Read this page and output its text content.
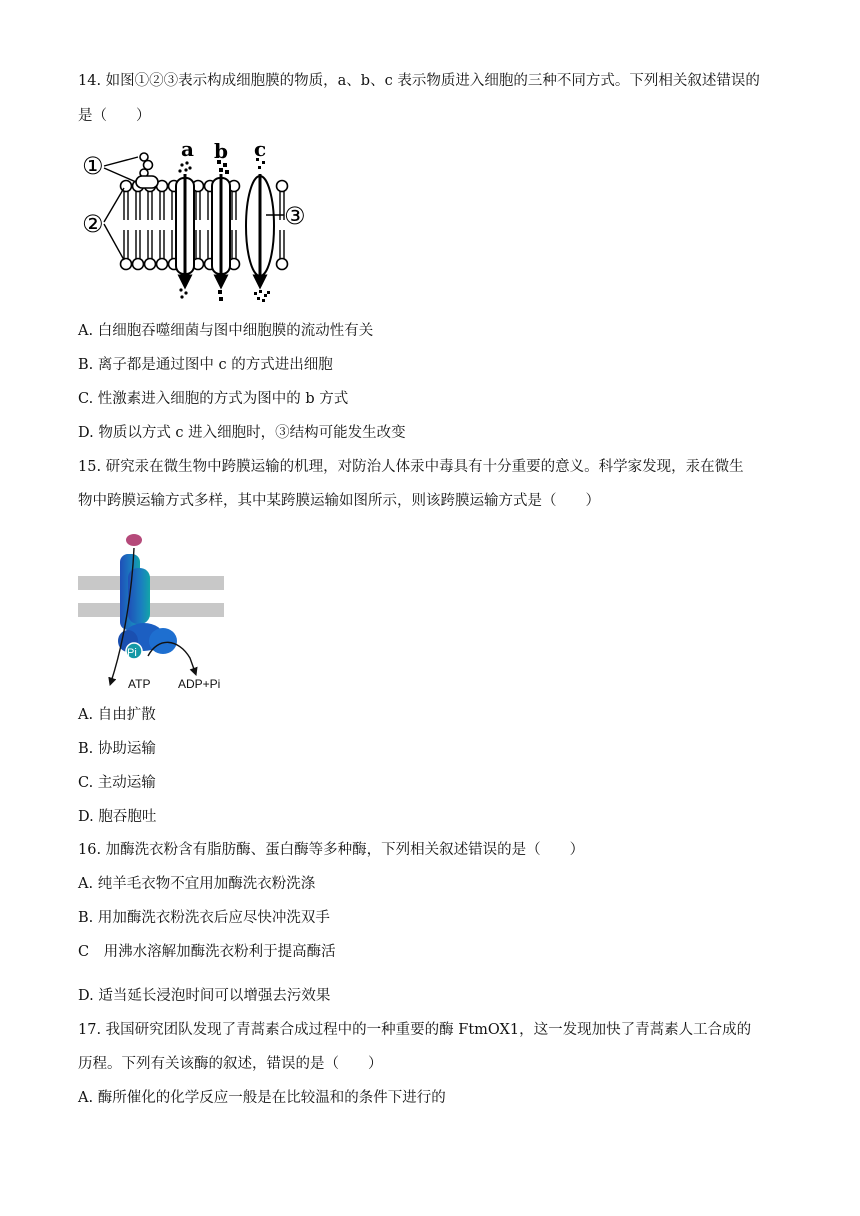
14. 如图①②③表示构成细胞膜的物质，a、b、c 表示物质进入细胞的三种不同方式。下列相关叙述错误的
是（　　）
①
②	③
a b c
A. 白细胞吞噬细菌与图中细胞膜的流动性有关
B. 离子都是通过图中 c 的方式进出细胞
C. 性激素进入细胞的方式为图中的 b 方式
D. 物质以方式 c 进入细胞时，③结构可能发生改变
15. 研究汞在微生物中跨膜运输的机理，对防治人体汞中毒具有十分重要的意义。科学家发现，汞在微生
物中跨膜运输方式多样，其中某跨膜运输如图所示，则该跨膜运输方式是（　　）
Pi
ATP ADP+Pi
A. 自由扩散
B. 协助运输
C. 主动运输
D. 胞吞胞吐
16. 加酶洗衣粉含有脂肪酶、蛋白酶等多种酶，下列相关叙述错误的是（　　）
A. 纯羊毛衣物不宜用加酶洗衣粉洗涤
B. 用加酶洗衣粉洗衣后应尽快冲洗双手
C　用沸水溶解加酶洗衣粉利于提高酶活
D. 适当延长浸泡时间可以增强去污效果
17. 我国研究团队发现了青蒿素合成过程中的一种重要的酶 FtmOX1，这一发现加快了青蒿素人工合成的
历程。下列有关该酶的叙述，错误的是（　　）
A. 酶所催化的化学反应一般是在比较温和的条件下进行的
